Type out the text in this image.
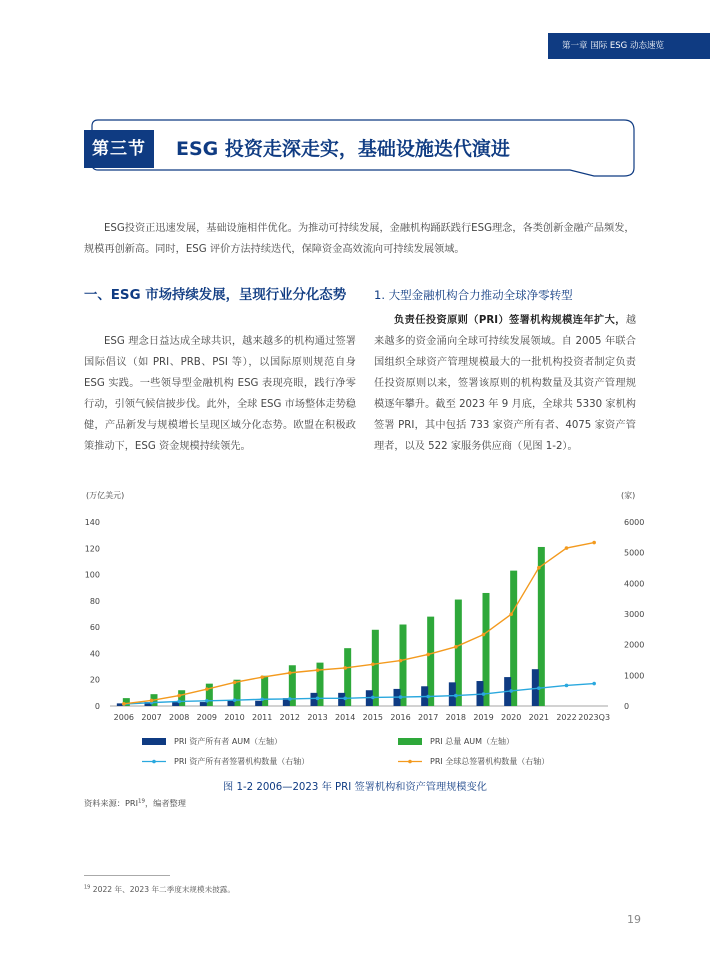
第一章 国际 ESG 动态速览
第三节	ESG 投资走深走实，基础设施迭代演进
ESG投资正迅速发展，基础设施相伴优化。为推动可持续发展，金融机构踊跃践行ESG理念，各类创新金融产品频发，规模再创新高。同时，ESG 评价方法持续迭代，保障资金高效流向可持续发展领域。
一、ESG 市场持续发展，呈现行业分化态势
ESG 理念日益达成全球共识，越来越多的机构通过签署国际倡议（如 PRI、PRB、PSI 等），以国际原则规范自身 ESG 实践。一些领导型金融机构 ESG 表现亮眼，践行净零行动，引领气候信披步伐。此外，全球 ESG 市场整体走势稳健，产品新发与规模增长呈现区域分化态势。欧盟在积极政策推动下，ESG 资金规模持续领先。
1. 大型金融机构合力推动全球净零转型
负责任投资原则（PRI）签署机构规模连年扩大，越来越多的资金涌向全球可持续发展领域。自 2005 年联合国组织全球资产管理规模最大的一批机构投资者制定负责任投资原则以来，签署该原则的机构数量及其资产管理规模逐年攀升。截至 2023 年 9 月底，全球共 5330 家机构签署 PRI，其中包括 733 家资产所有者、4075 家资产管理者，以及 522 家服务供应商（见图 1-2）。
(万亿美元)	(家)
0
20
40
60
80
100
120
140
0
1000
2000
3000
4000
5000
6000
2006 2007 2008 2009 2010 2011 2012 2013 2014 2015 2016 2017 2018 2019 2020 2021 2022 2023Q3
PRI 资产所有者 AUM（左轴）	PRI 总量 AUM（左轴）
PRI 资产所有者签署机构数量（右轴）	PRI 全球总签署机构数量（右轴）
图 1-2 2006—2023 年 PRI 签署机构和资产管理规模变化
资料来源：PRI$^{19}$，编者整理
$^{19}$ 2022 年、2023 年二季度末规模未披露。
19
